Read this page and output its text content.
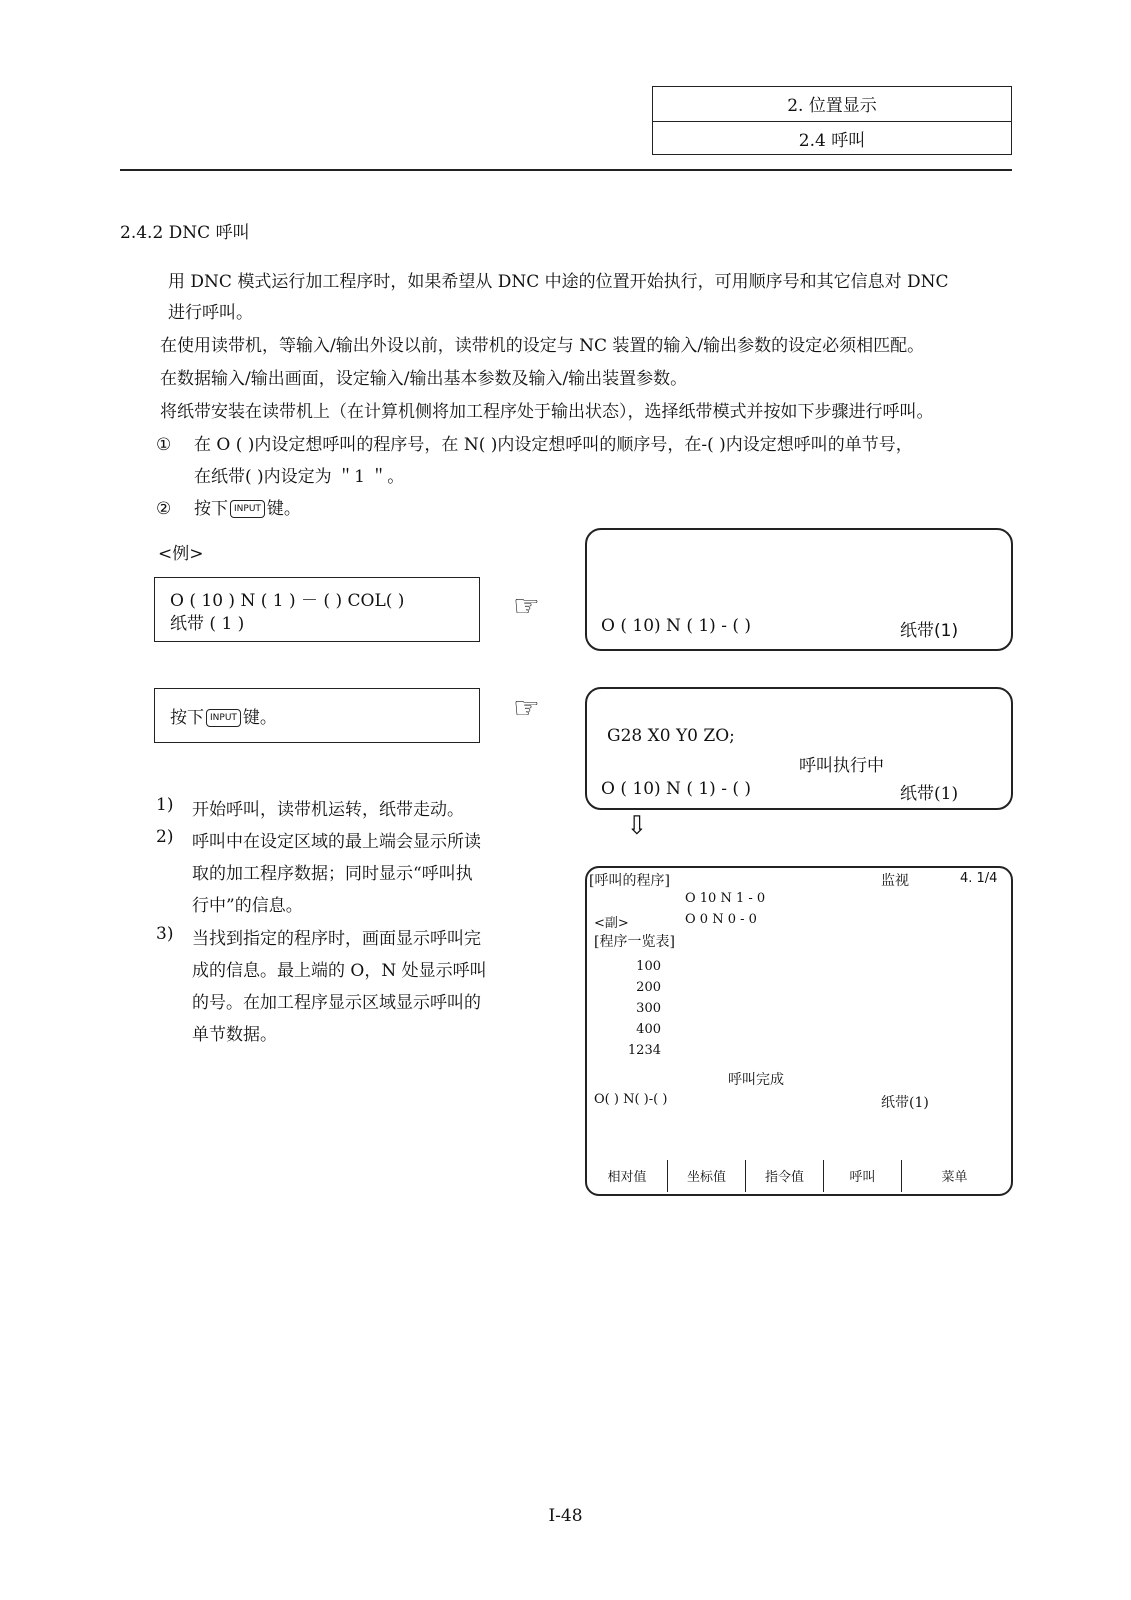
2. 位置显示
2.4 呼叫
2.4.2 DNC 呼叫
用 DNC 模式运行加工程序时，如果希望从 DNC 中途的位置开始执行，可用顺序号和其它信息对 DNC
进行呼叫。
在使用读带机，等输入/输出外设以前，读带机的设定与 NC 装置的输入/输出参数的设定必须相匹配。
在数据输入/输出画面，设定输入/输出基本参数及输入/输出装置参数。
将纸带安装在读带机上（在计算机侧将加工程序处于输出状态），选择纸带模式并按如下步骤进行呼叫。
① 在 O ( )内设定想呼叫的程序号，在 N( )内设定想呼叫的顺序号，在-( )内设定想呼叫的单节号，
在纸带( )内设定为 ＂1 ＂。
② 按下 INPUT 键。
<例>
O ( 10 ) N ( 1 ) － ( ) COL( )
纸带 ( 1 )	☞
O ( 10) N ( 1) - ( )	纸带(1)
按下 INPUT 键。	☞
G28 X0 Y0 ZO;
呼叫执行中
O ( 10) N ( 1) - ( )	纸带(1)
⇩
1) 开始呼叫，读带机运转，纸带走动。
2) 呼叫中在设定区域的最上端会显示所读
取的加工程序数据；同时显示“呼叫执
行中”的信息。
3) 当找到指定的程序时，画面显示呼叫完
成的信息。最上端的 O，N 处显示呼叫
的号。在加工程序显示区域显示呼叫的
单节数据。
[呼叫的程序]	监视	4. 1/4
O 10 N 1 - 0
<副>	O 0 N 0 - 0
[程序一览表]
100
200
300
400
1234
呼叫完成
O( ) N( )-( )	纸带(1)
相对值	坐标值	指令值	呼叫	菜单
I-48
